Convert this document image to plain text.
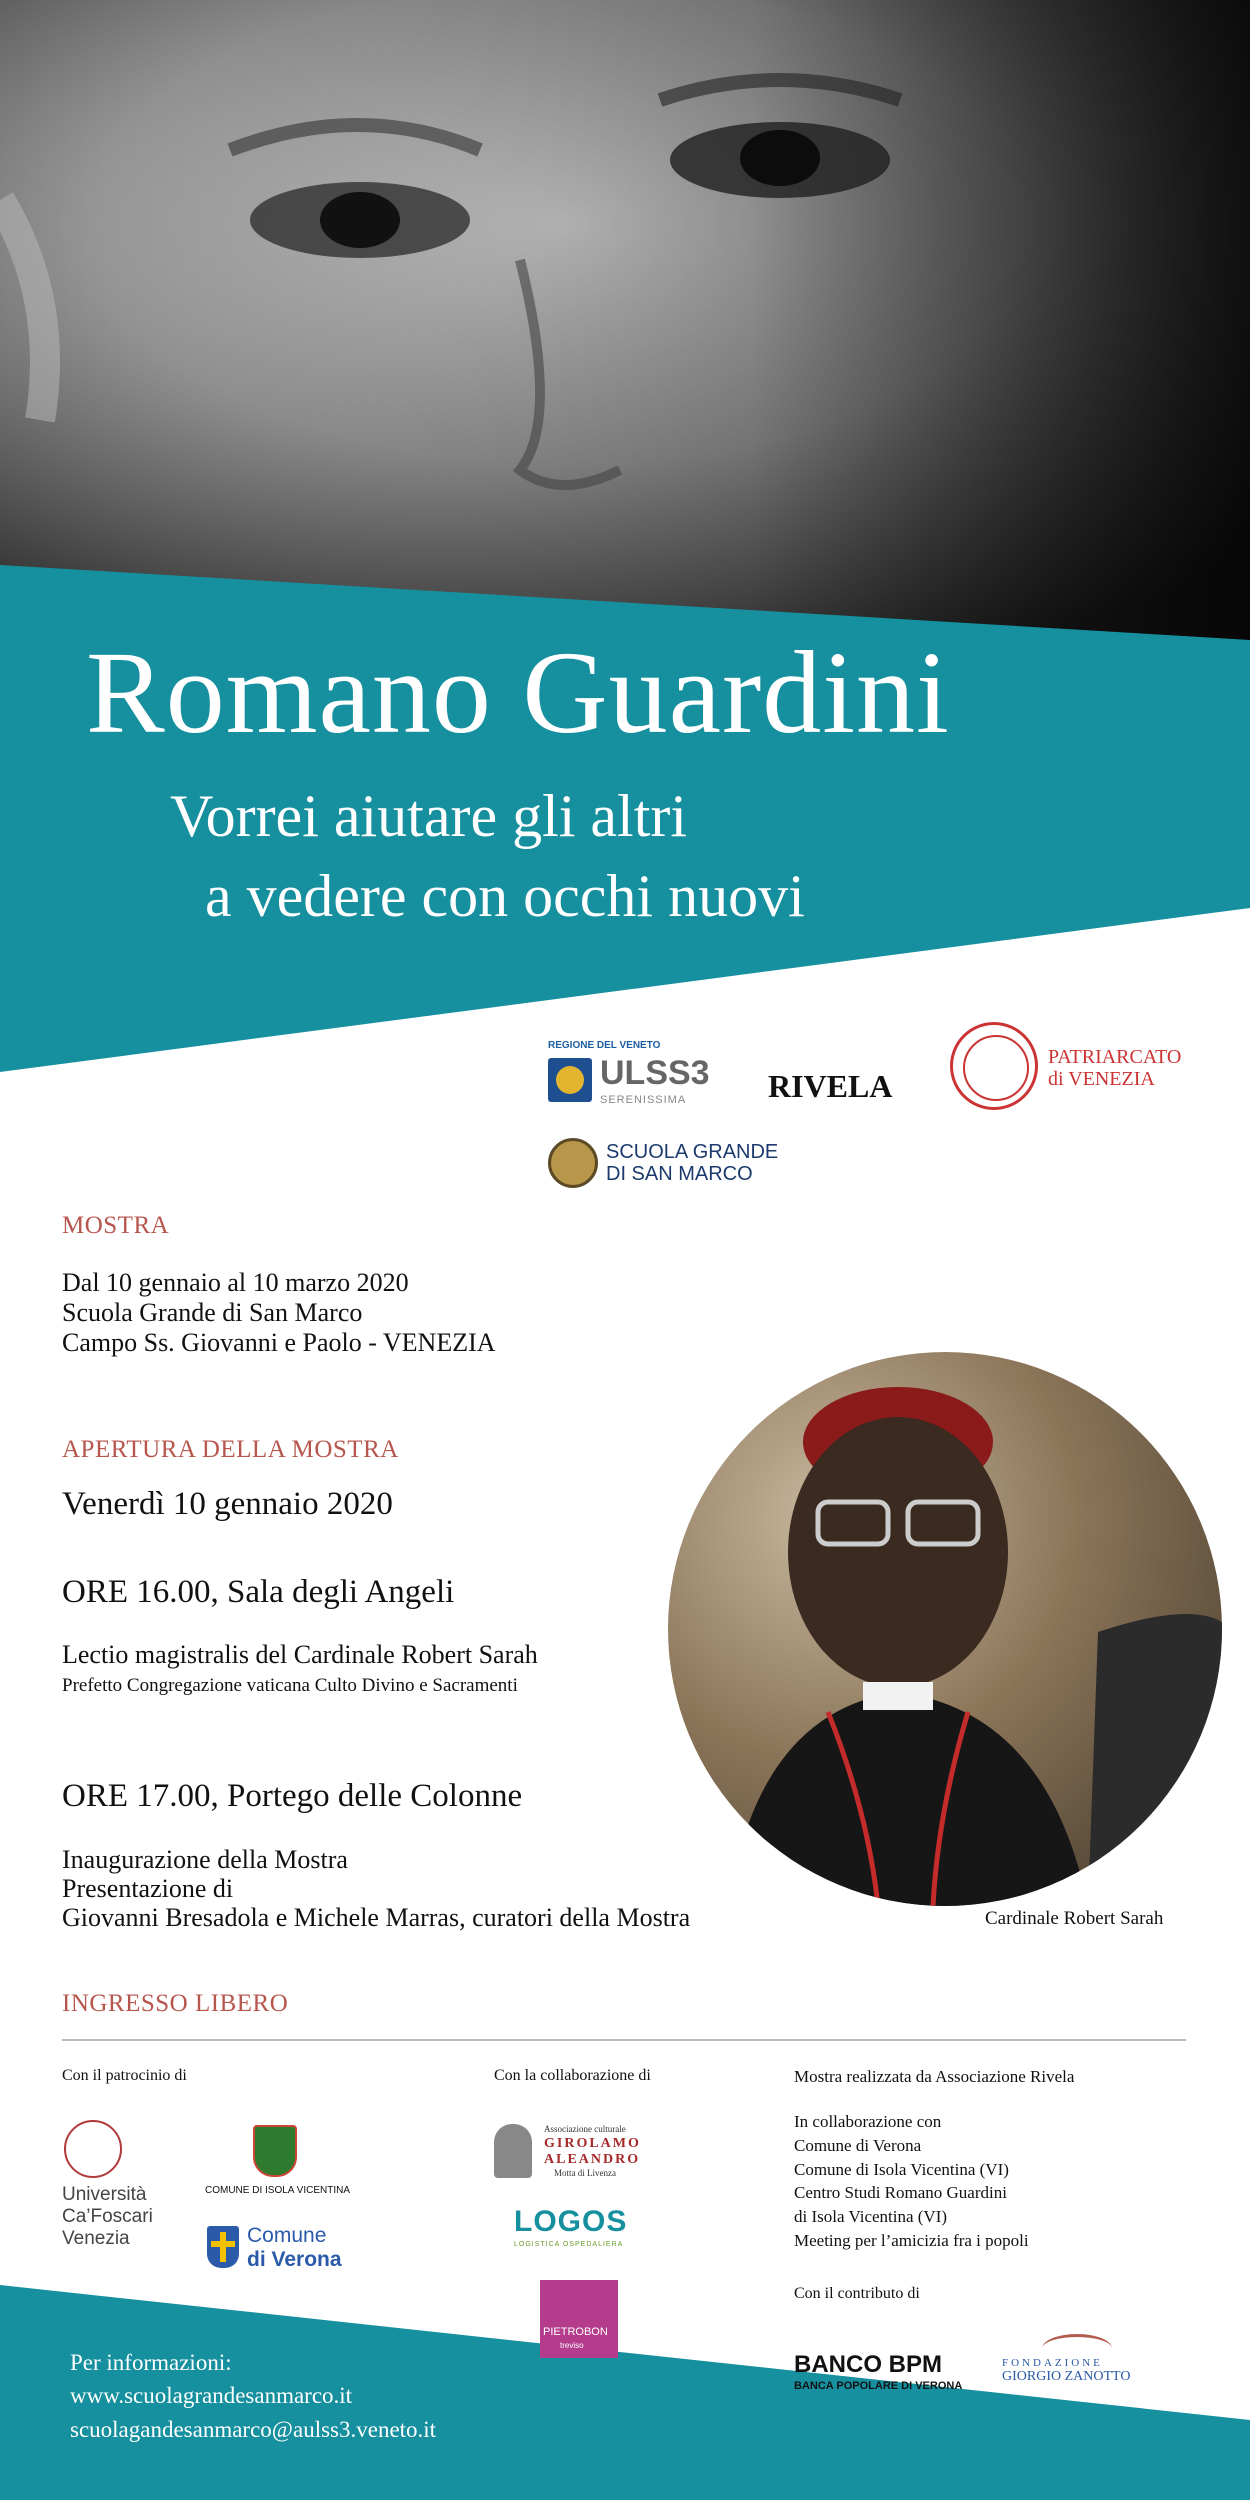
Romano Guardini
Vorrei aiutare gli altri
a vedere con occhi nuovi
REGIONE DEL VENETO
ULSS3
SERENISSIMA	RIVELA
PATRIARCATO
di VENEZIA
SCUOLA GRANDE
DI SAN MARCO
MOSTRA
Dal 10 gennaio al 10 marzo 2020
Scuola Grande di San Marco
Campo Ss. Giovanni e Paolo - VENEZIA
APERTURA DELLA MOSTRA
Venerdì 10 gennaio 2020
ORE 16.00, Sala degli Angeli
Lectio magistralis del Cardinale Robert Sarah
Prefetto Congregazione vaticana Culto Divino e Sacramenti
ORE 17.00, Portego delle Colonne
Inaugurazione della Mostra
Presentazione di
Giovanni Bresadola e Michele Marras, curatori della Mostra	Cardinale Robert Sarah
INGRESSO LIBERO
Con il patrocinio di	Con la collaborazione di	Mostra realizzata da Associazione Rivela
In collaborazione con
Comune di Verona
Comune di Isola Vicentina (VI)
Centro Studi Romano Guardini
di Isola Vicentina (VI)
Meeting per l’amicizia fra i popoli
Con il contributo di
Università
Ca’Foscari
Venezia
COMUNE DI ISOLA VICENTINA
Comune
di Verona
Associazione culturale
GIROLAMO
ALEANDRO
Motta di Livenza
LOGOS
LOGISTICA OSPEDALIERA
PIETROBON
treviso
BANCO BPM
BANCA POPOLARE DI VERONA
FONDAZIONE
GIORGIO ZANOTTO
Per informazioni:
www.scuolagrandesanmarco.it
scuolagandesanmarco@aulss3.veneto.it
